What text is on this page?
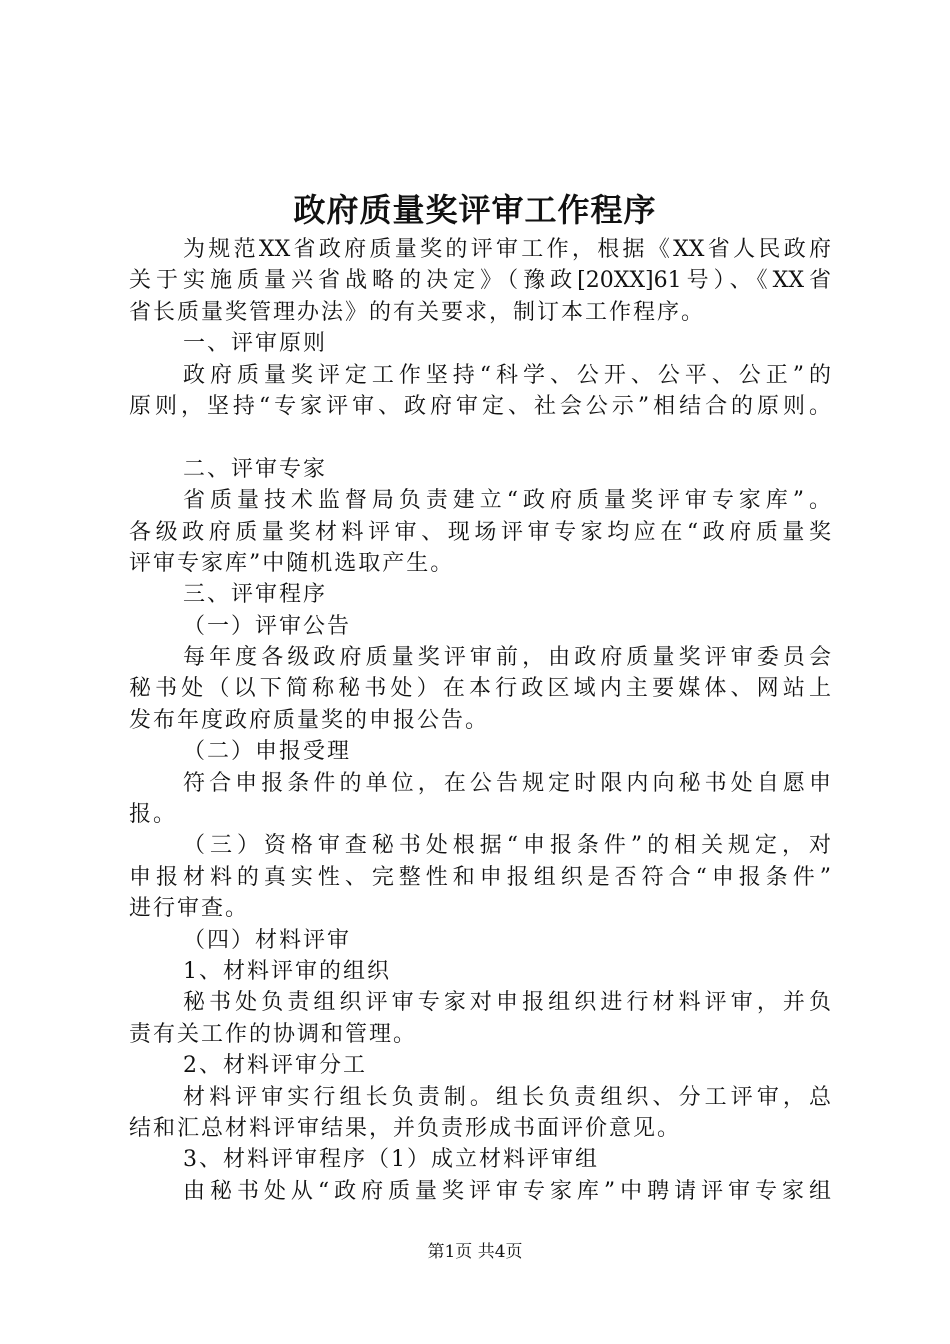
政府质量奖评审工作程序
为规范XX省政府质量奖的评审工作，根据《XX省人民政府
关于实施质量兴省战略的决定》（豫政[20XX]61号）、《XX省
省长质量奖管理办法》的有关要求，制订本工作程序。
一、评审原则
政府质量奖评定工作坚持“科学、公开、公平、公正”的
原则，坚持“专家评审、政府审定、社会公示”相结合的原则。
二、评审专家
省质量技术监督局负责建立“政府质量奖评审专家库”。
各级政府质量奖材料评审、现场评审专家均应在“政府质量奖
评审专家库”中随机选取产生。
三、评审程序
（一）评审公告
每年度各级政府质量奖评审前，由政府质量奖评审委员会
秘书处（以下简称秘书处）在本行政区域内主要媒体、网站上
发布年度政府质量奖的申报公告。
（二）申报受理
符合申报条件的单位，在公告规定时限内向秘书处自愿申
报。
（三）资格审查秘书处根据“申报条件”的相关规定，对
申报材料的真实性、完整性和申报组织是否符合“申报条件”
进行审查。
（四）材料评审
1、材料评审的组织
秘书处负责组织评审专家对申报组织进行材料评审，并负
责有关工作的协调和管理。
2、材料评审分工
材料评审实行组长负责制。组长负责组织、分工评审，总
结和汇总材料评审结果，并负责形成书面评价意见。
3、材料评审程序（1）成立材料评审组
由秘书处从“政府质量奖评审专家库”中聘请评审专家组
第1页 共4页
